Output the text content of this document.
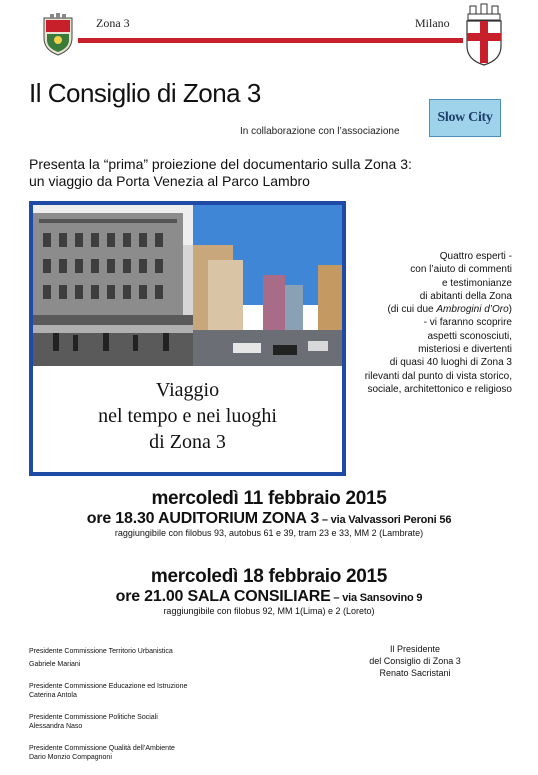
Zona 3	Milano
Il Consiglio di Zona 3
In collaborazione con l’associazione
Slow City
Presenta la “prima” proiezione del documentario sulla Zona 3:
un viaggio da Porta Venezia al Parco Lambro
Viaggio
nel tempo e nei luoghi
di Zona 3
Quattro esperti -
con l’aiuto di commenti
e testimonianze
di abitanti della Zona
(di cui due Ambrogini d’Oro)
- vi faranno scoprire
aspetti sconosciuti,
misteriosi e divertenti
di quasi 40 luoghi di Zona 3
rilevanti dal punto di vista storico,
sociale, architettonico e religioso
mercoledì 11 febbraio 2015
ore 18.30 AUDITORIUM ZONA 3 – via Valvassori Peroni 56
raggiungibile con filobus 93, autobus 61 e 39, tram 23 e 33, MM 2 (Lambrate)
mercoledì 18 febbraio 2015
ore 21.00 SALA CONSILIARE – via Sansovino 9
raggiungibile con filobus 92, MM 1(Lima) e 2 (Loreto)
Presidente Commissione Territorio Urbanistica
Gabriele Mariani
Presidente Commissione Educazione ed Istruzione
Caterina Antola
Presidente Commissione Politiche Sociali
Alessandra Naso
Presidente Commissione Qualità dell’Ambiente
Dario Monzio Compagnoni
Il Presidente
del Consiglio di Zona 3
Renato Sacristani
